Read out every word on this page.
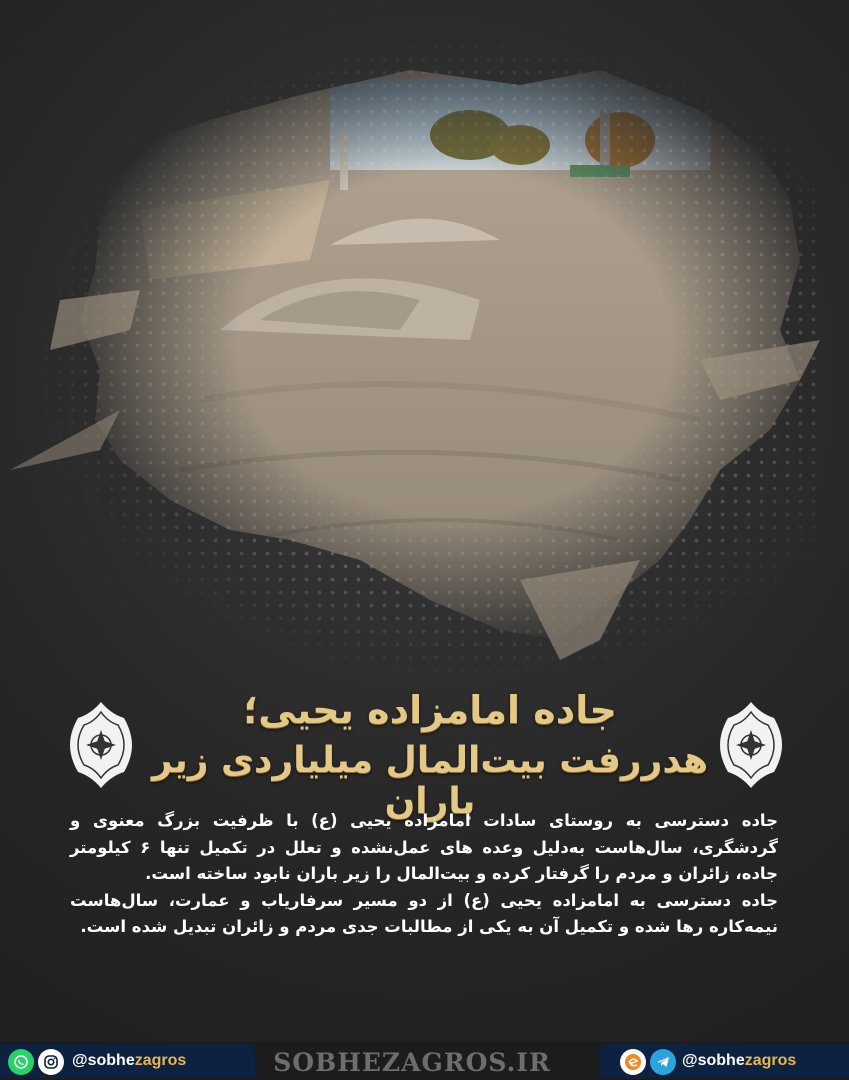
جاده امامزاده یحیی؛
هدررفت بیت‌المال میلیاردی زیر باران

جاده دسترسی به روستای سادات امامزاده یحیی (ع) با ظرفیت بزرگ معنوی و گردشگری، سال‌هاست به‌دلیل وعده های عمل‌نشده و تعلل در تکمیل تنها ۶ کیلومتر جاده، زائران و مردم را گرفتار کرده و بیت‌المال را زیر باران نابود ساخته است.

جاده دسترسی به امامزاده یحیی (ع) از دو مسیر سرفاریاب و عمارت، سال‌هاست نیمه‌کاره رها شده و تکمیل آن به یکی از مطالبات جدی مردم و زائران تبدیل شده است.

@sobhezagros	SOBHEZAGROS.IR	@sobhezagros
